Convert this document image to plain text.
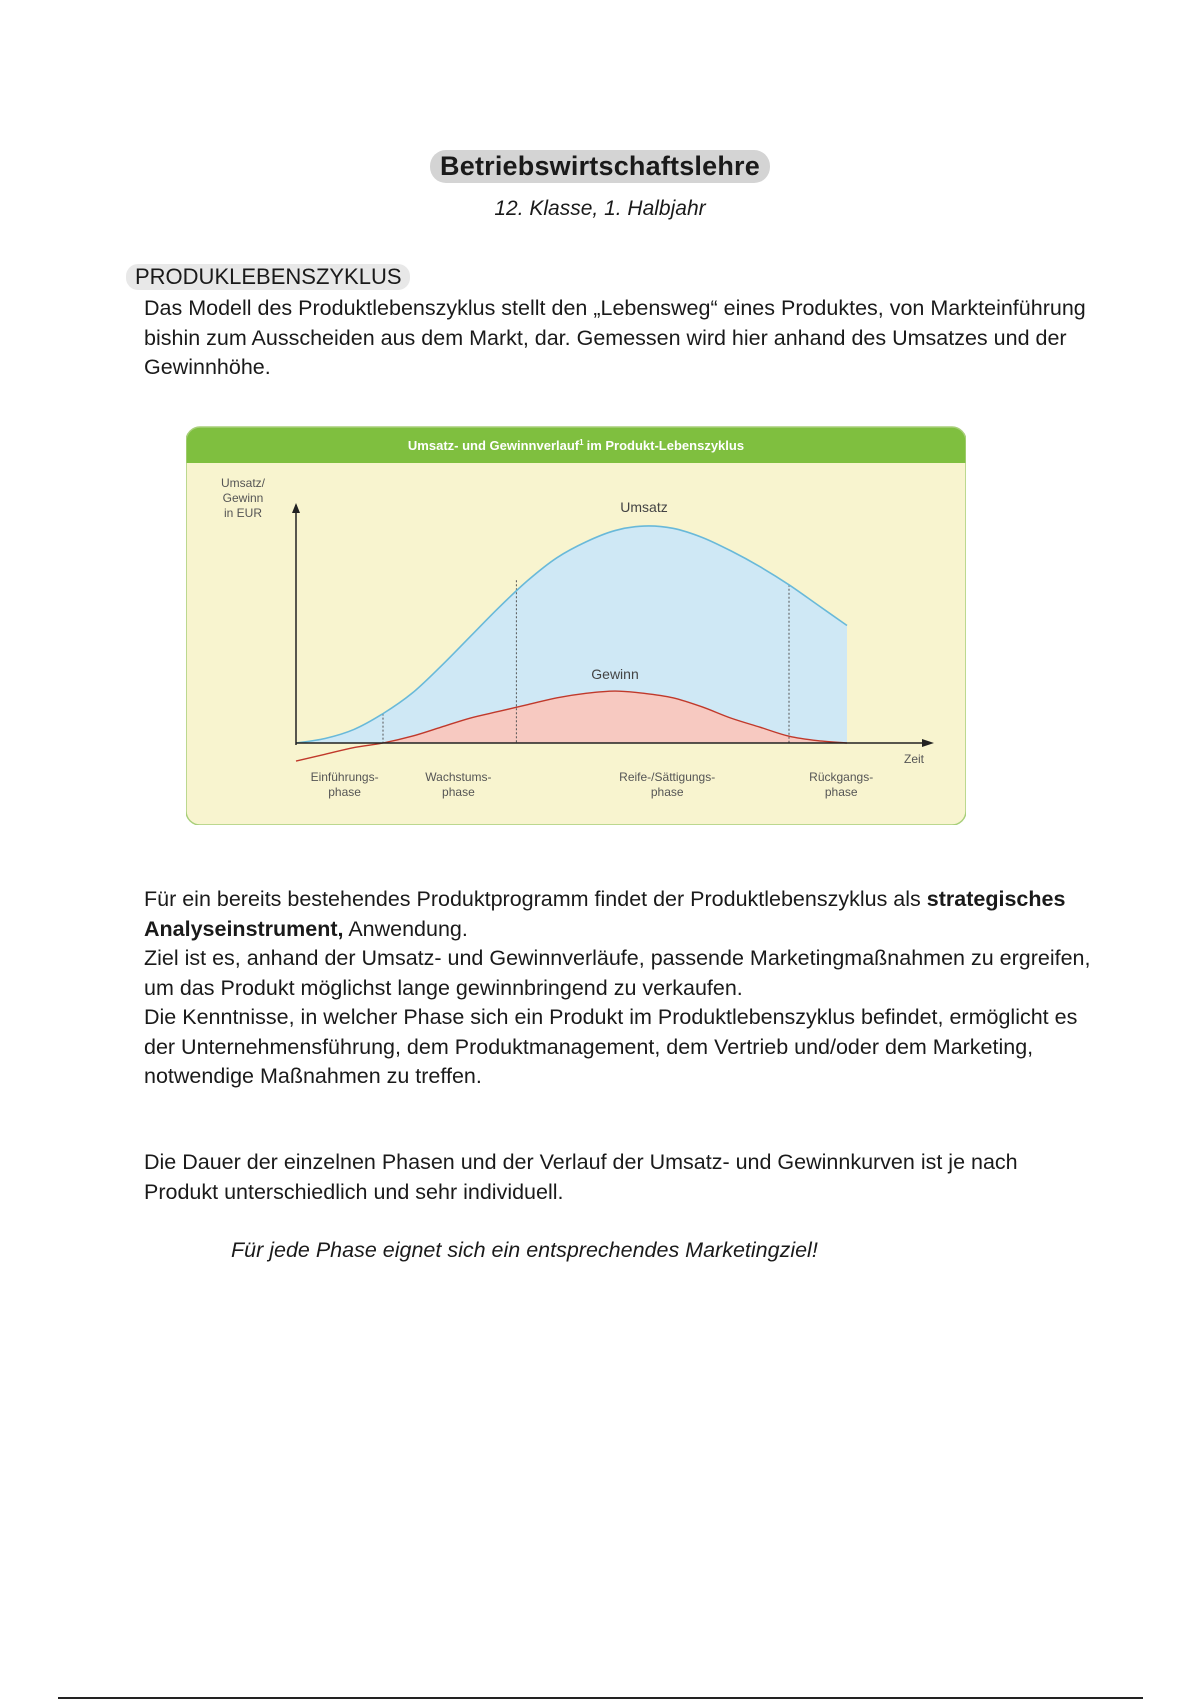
Betriebswirtschaftslehre
12. Klasse, 1. Halbjahr
PRODUKLEBENSZYKLUS

Das Modell des Produktlebenszyklus stellt den „Lebensweg“ eines Produktes, von Markteinführung bishin zum Ausscheiden aus dem Markt, dar. Gemessen wird hier anhand des Umsatzes und der Gewinnhöhe.

Umsatz- und Gewinnverlauf$^1$ im Produkt-Lebenszyklus
Umsatz
Gewinn
Einführungs-
phase
Wachstums-
phase
Reife-/Sättigungs-
phase
Rückgangs-
phase
Umsatz/
Gewinn
in EUR
Zeit

Für ein bereits bestehendes Produktprogramm findet der Produktlebenszyklus als strategisches Analyseinstrument, Anwendung.
Ziel ist es, anhand der Umsatz- und Gewinnverläufe, passende Marketingmaßnahmen zu ergreifen, um das Produkt möglichst lange gewinnbringend zu verkaufen.
Die Kenntnisse, in welcher Phase sich ein Produkt im Produktlebenszyklus befindet, ermöglicht es der Unternehmensführung, dem Produktmanagement, dem Vertrieb und/oder dem Marketing, notwendige Maßnahmen zu treffen.

Die Dauer der einzelnen Phasen und der Verlauf der Umsatz- und Gewinnkurven ist je nach Produkt unterschiedlich und sehr individuell.

Für jede Phase eignet sich ein entsprechendes Marketingziel!
